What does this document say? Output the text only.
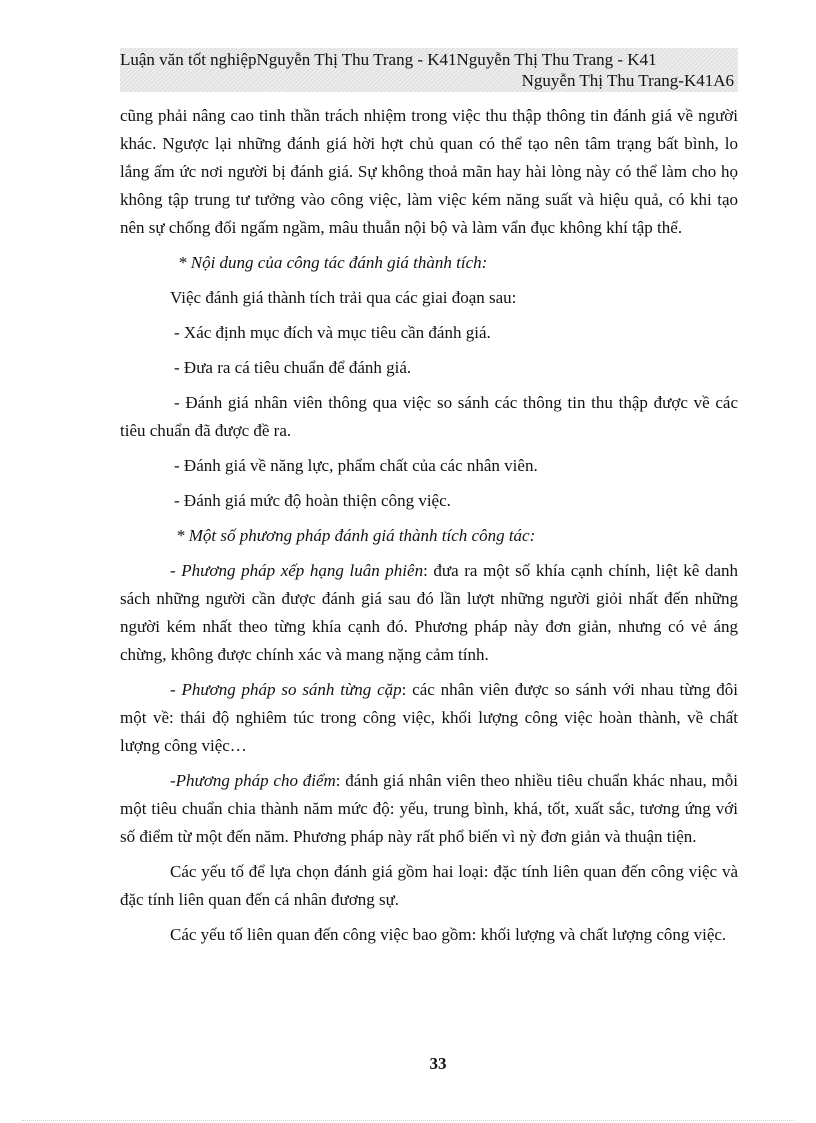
Luận văn tốt nghiệpNguyễn Thị Thu Trang - K41Nguyễn Thị Thu Trang - K41
Nguyễn Thị Thu Trang-K41A6

cũng phải nâng cao tinh thần trách nhiệm trong việc thu thập thông tin đánh giá về người khác. Ngược lại những đánh giá hời hợt chủ quan có thể tạo nên tâm trạng bất bình, lo lắng ấm ức nơi người bị đánh giá. Sự không thoả mãn hay hài lòng này có thể làm cho họ không tập trung tư tưởng vào công việc, làm việc kém năng suất và hiệu quả, có khi tạo nên sự chống đối ngấm ngầm, mâu thuẫn nội bộ và làm vẩn đục không khí tập thể.

* Nội dung của công tác đánh giá thành tích:

Việc đánh giá thành tích trải qua các giai đoạn sau:

- Xác định mục đích và mục tiêu cần đánh giá.

- Đưa ra cá tiêu chuẩn để đánh giá.

- Đánh giá nhân viên thông qua việc so sánh các thông tin thu thập được về các tiêu chuẩn đã được đề ra.

- Đánh giá về năng lực, phẩm chất của các nhân viên.

- Đánh giá mức độ hoàn thiện công việc.

* Một số phương pháp đánh giá thành tích công tác:

- Phương pháp xếp hạng luân phiên: đưa ra một số khía cạnh chính, liệt kê danh sách những người cần được đánh giá sau đó lần lượt những người giỏi nhất đến những người kém nhất theo từng khía cạnh đó. Phương pháp này đơn giản, nhưng có vẻ áng chừng, không được chính xác và mang nặng cảm tính.

- Phương pháp so sánh từng cặp: các nhân viên được so sánh với nhau từng đôi một về: thái độ nghiêm túc trong công việc, khối lượng công việc hoàn thành, về chất lượng công việc…

-Phương pháp cho điểm: đánh giá nhân viên theo nhiều tiêu chuẩn khác nhau, mỗi một tiêu chuẩn chia thành năm mức độ: yếu, trung bình, khá, tốt, xuất sắc, tương ứng với số điểm từ một đến năm. Phương pháp này rất phổ biến vì nỳ đơn giản và thuận tiện.

Các yếu tố để lựa chọn đánh giá gồm hai loại: đặc tính liên quan đến công việc và đặc tính liên quan đến cá nhân đương sự.

Các yếu tố liên quan đến công việc bao gồm: khối lượng và chất lượng công việc.

33
